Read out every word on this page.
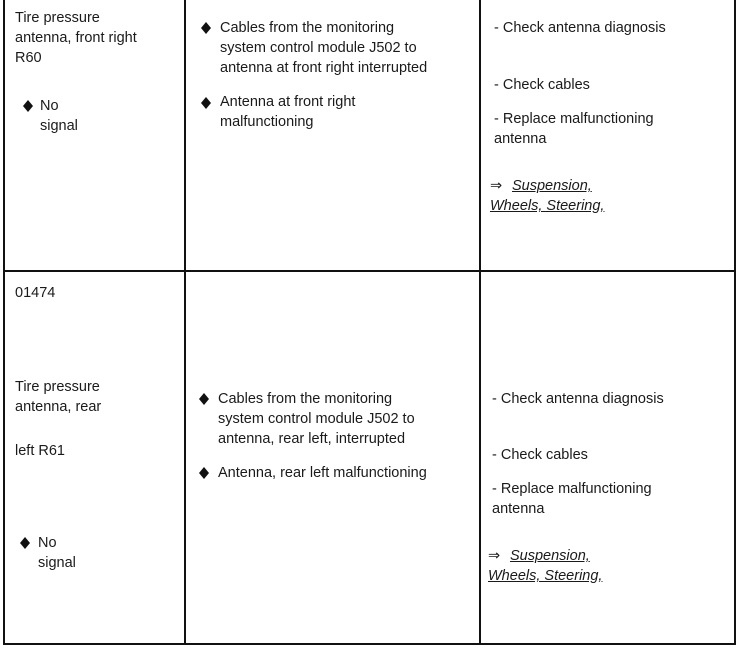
Tire pressure
antenna, front right
R60
No signal
Cables from the monitoring
system control module J502 to
antenna at front right interrupted
Antenna at front right
malfunctioning
- Check antenna diagnosis
- Check cables
- Replace malfunctioning
antenna
⇒ Suspension,
Wheels, Steering,
01474
Tire pressure
antenna, rear
left R61
No signal
Cables from the monitoring
system control module J502 to
antenna, rear left, interrupted
Antenna, rear left malfunctioning
- Check antenna diagnosis
- Check cables
- Replace malfunctioning
antenna
⇒ Suspension,
Wheels, Steering,
